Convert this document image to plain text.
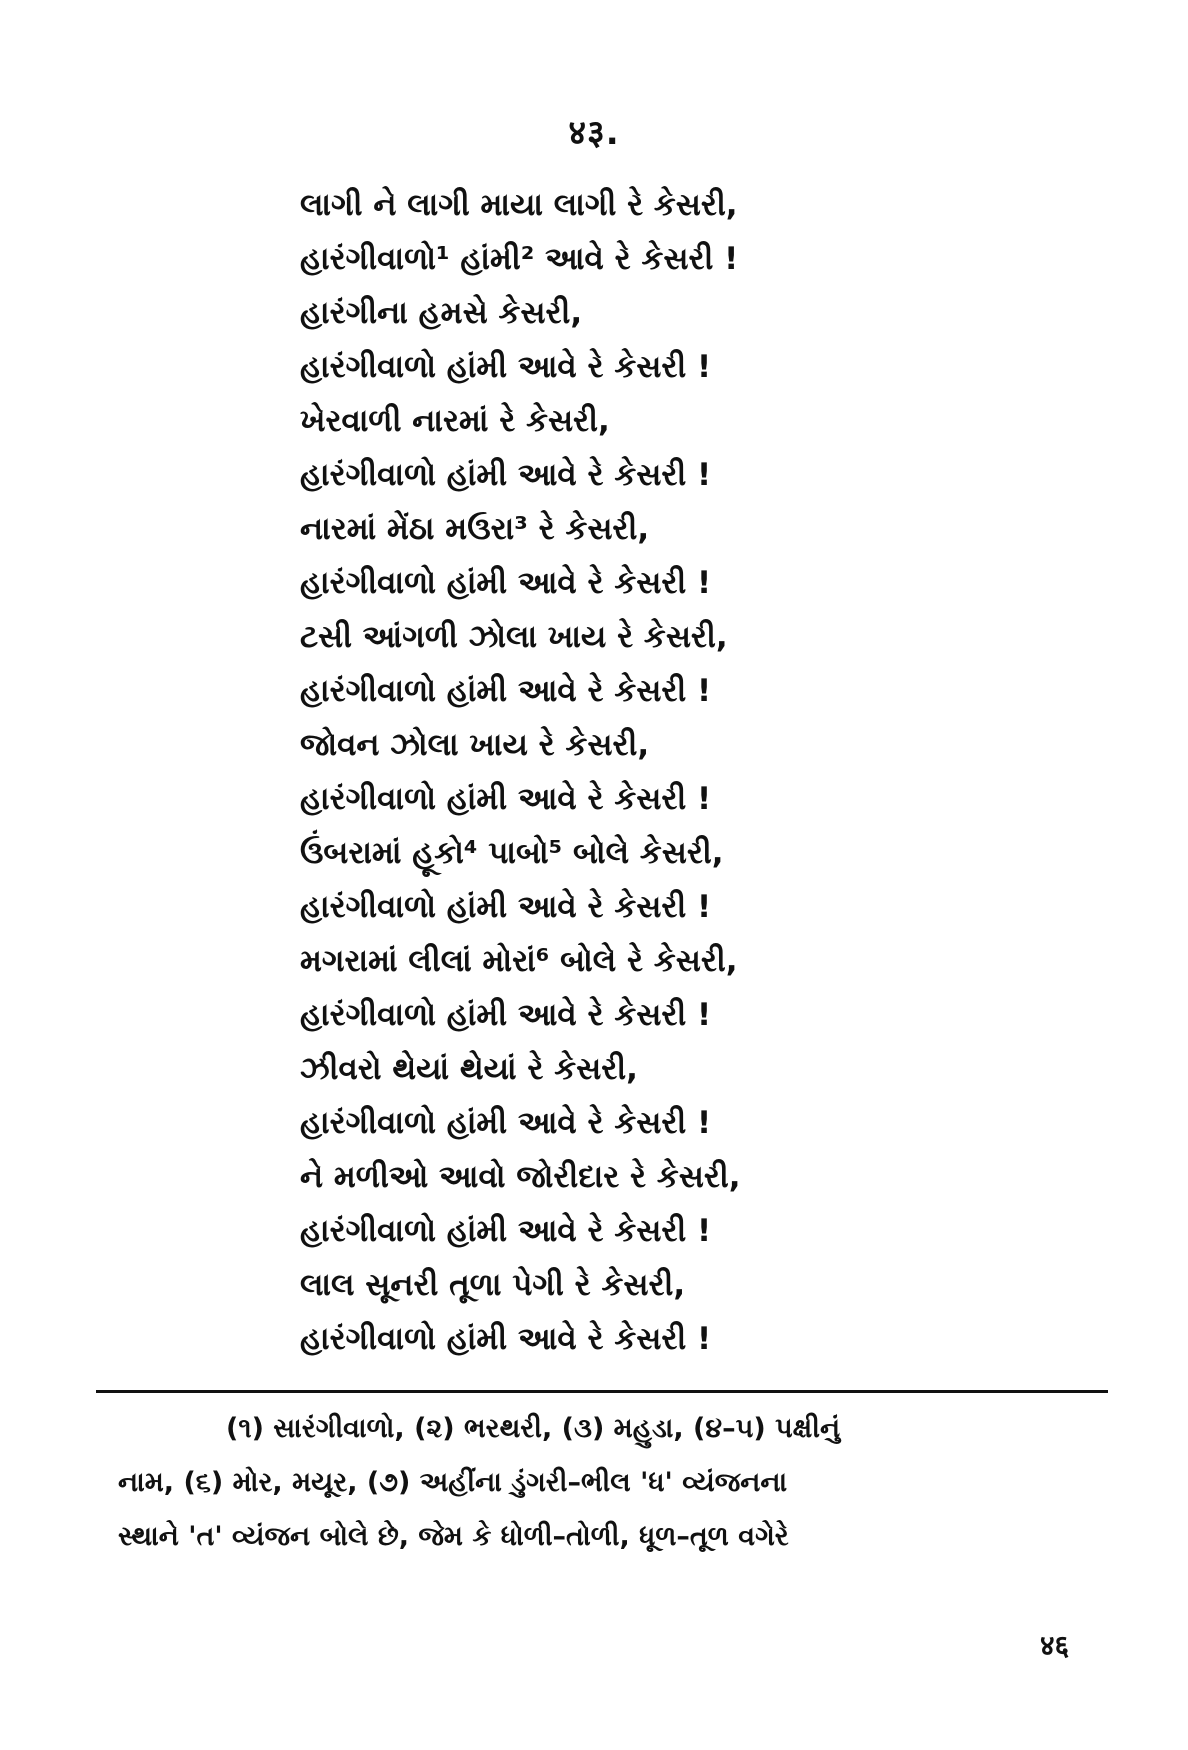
४३.
લાગી ને લાગી માયા લાગી રે કેસરી,
હારંગીવાળો¹ હાંમી² આવે રે કેસરી !
હારંગીના હમસે કેસરી,
હારંગીવાળો હાંમી આવે રે કેસરી !
ખેરવાળી નારમાં રે કેસરી,
હારંગીવાળો હાંમી આવે રે કેસરી !
નારમાં મેંઠા મઉરા³ રે કેસરી,
હારંગીવાળો હાંમી આવે રે કેસરી !
ટસી આંગળી ઝોલા ખાય રે કેસરી,
હારંગીવાળો હાંમી આવે રે કેસરી !
જોવન ઝોલા ખાય રે કેસરી,
હારંગીવાળો હાંમી આવે રે કેસરી !
ઉંબરામાં હૂકો⁴ પાબો⁵ બોલે કેસરી,
હારંગીવાળો હાંમી આવે રે કેસરી !
મગરામાં લીલાં મોરાં⁶ બોલે રે કેસરી,
હારંગીવાળો હાંમી આવે રે કેસરી !
ઝીવરો થેયાં થેયાં રે કેસરી,
હારંગીવાળો હાંમી આવે રે કેસરી !
ને મળીઓ આવો જોરીદાર રે કેસરી,
હારંગીવાળો હાંમી આવે રે કેસરી !
લાલ સૂનરી તૂળા પેગી રે કેસરી,
હારંગીવાળો હાંમી આવે રે કેસરી !
(૧) સારંગીવાળો, (૨) ભરથરી, (૩) મહુડા, (૪–૫) પક્ષીનું
નામ, (૬) મોર, મયૂર, (૭) અહીંના ડુંગરી–ભીલ 'ધ' વ્યંજનના
સ્થાને 'ત' વ્યંજન બોલે છે, જેમ કે ધોળી–તોળી, ધૂળ–તૂળ વગેરે
४६
